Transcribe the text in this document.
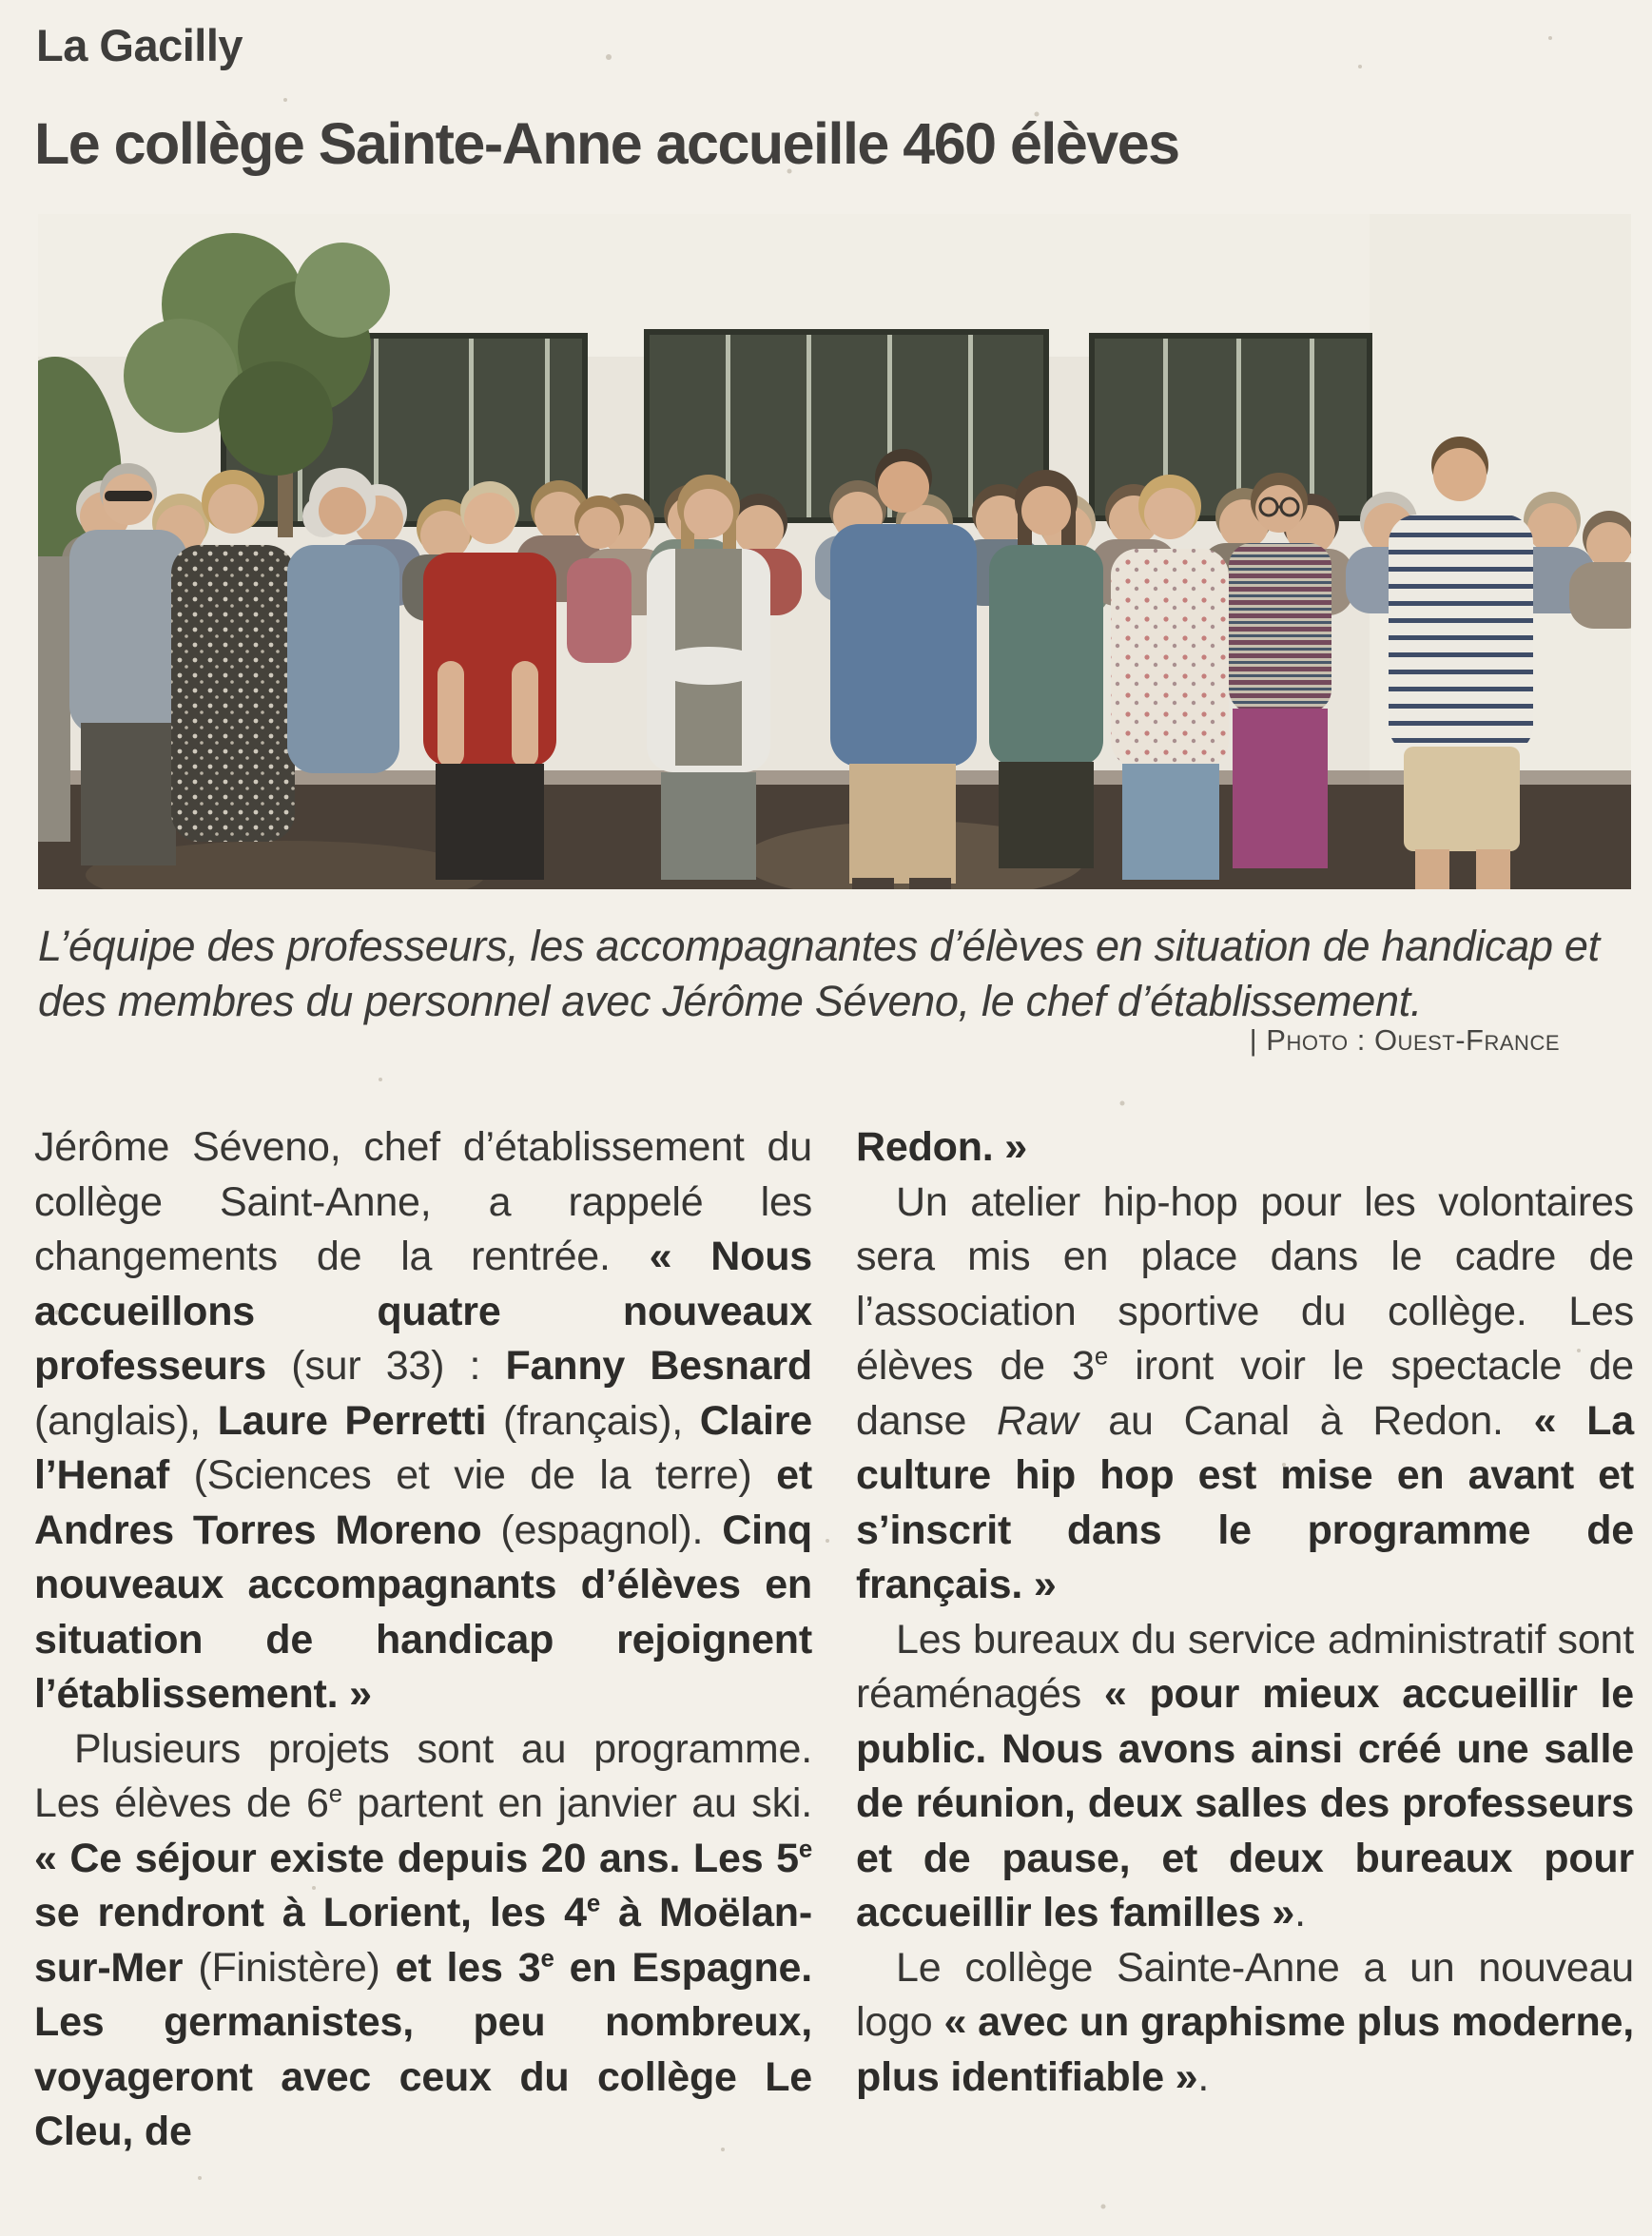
La Gacilly
Le collège Sainte-Anne accueille 460 élèves
L’équipe des professeurs, les accompagnantes d’élèves en situation de handicap et des membres du personnel avec Jérôme Séveno, le chef d’établissement.
| Photo : Ouest-France

Jérôme Séveno, chef d’établissement du collège Saint-Anne, a rappelé les changements de la rentrée. « Nous accueillons quatre nouveaux professeurs (sur 33) : Fanny Besnard (anglais), Laure Perretti (français), Claire l’Henaf (Sciences et vie de la terre) et Andres Torres Moreno (espagnol). Cinq nouveaux accompagnants d’élèves en situation de handicap rejoignent l’établissement. »

Plusieurs projets sont au programme. Les élèves de 6e partent en janvier au ski. « Ce séjour existe depuis 20 ans. Les 5e se rendront à Lorient, les 4e à Moëlan-sur-Mer (Finistère) et les 3e en Espagne. Les germanistes, peu nombreux, voyageront avec ceux du collège Le Cleu, de

Redon. »

Un atelier hip-hop pour les volontaires sera mis en place dans le cadre de l’association sportive du collège. Les élèves de 3e iront voir le spectacle de danse Raw au Canal à Redon. « La culture hip hop est mise en avant et s’inscrit dans le programme de français. »

Les bureaux du service administratif sont réaménagés « pour mieux accueillir le public. Nous avons ainsi créé une salle de réunion, deux salles des professeurs et de pause, et deux bureaux pour accueillir les familles ».

Le collège Sainte-Anne a un nouveau logo « avec un graphisme plus moderne, plus identifiable ».
